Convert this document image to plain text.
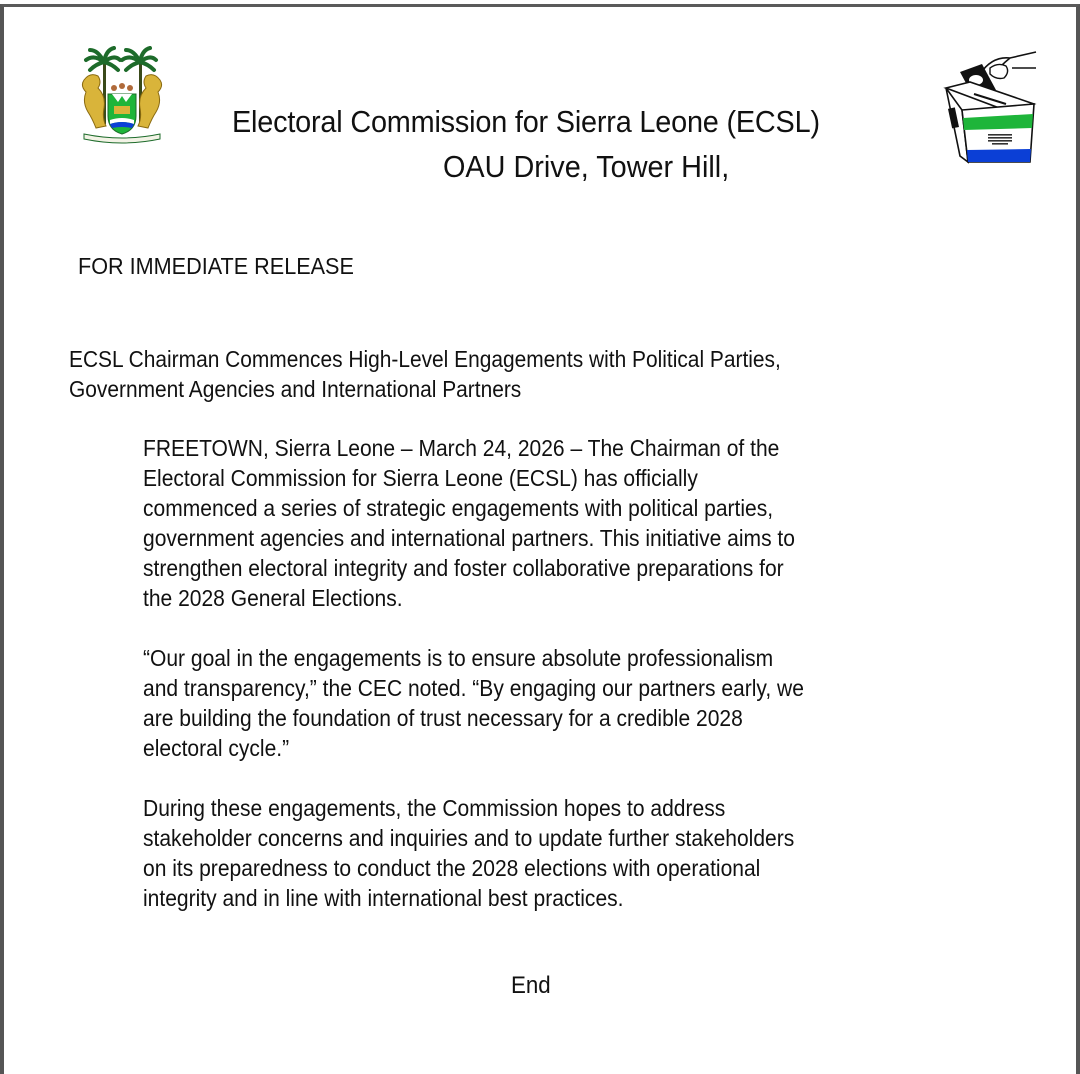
Electoral Commission for Sierra Leone (ECSL)
OAU Drive, Tower Hill,
FOR IMMEDIATE RELEASE
ECSL Chairman Commences High-Level Engagements with Political Parties,
Government Agencies and International Partners
FREETOWN, Sierra Leone – March 24, 2026 – The Chairman of the
Electoral Commission for Sierra Leone (ECSL) has officially
commenced a series of strategic engagements with political parties,
government agencies and international partners. This initiative aims to
strengthen electoral integrity and foster collaborative preparations for
the 2028 General Elections.
“Our goal in the engagements is to ensure absolute professionalism
and transparency,” the CEC noted. “By engaging our partners early, we
are building the foundation of trust necessary for a credible 2028
electoral cycle.”
During these engagements, the Commission hopes to address
stakeholder concerns and inquiries and to update further stakeholders
on its preparedness to conduct the 2028 elections with operational
integrity and in line with international best practices.
End
